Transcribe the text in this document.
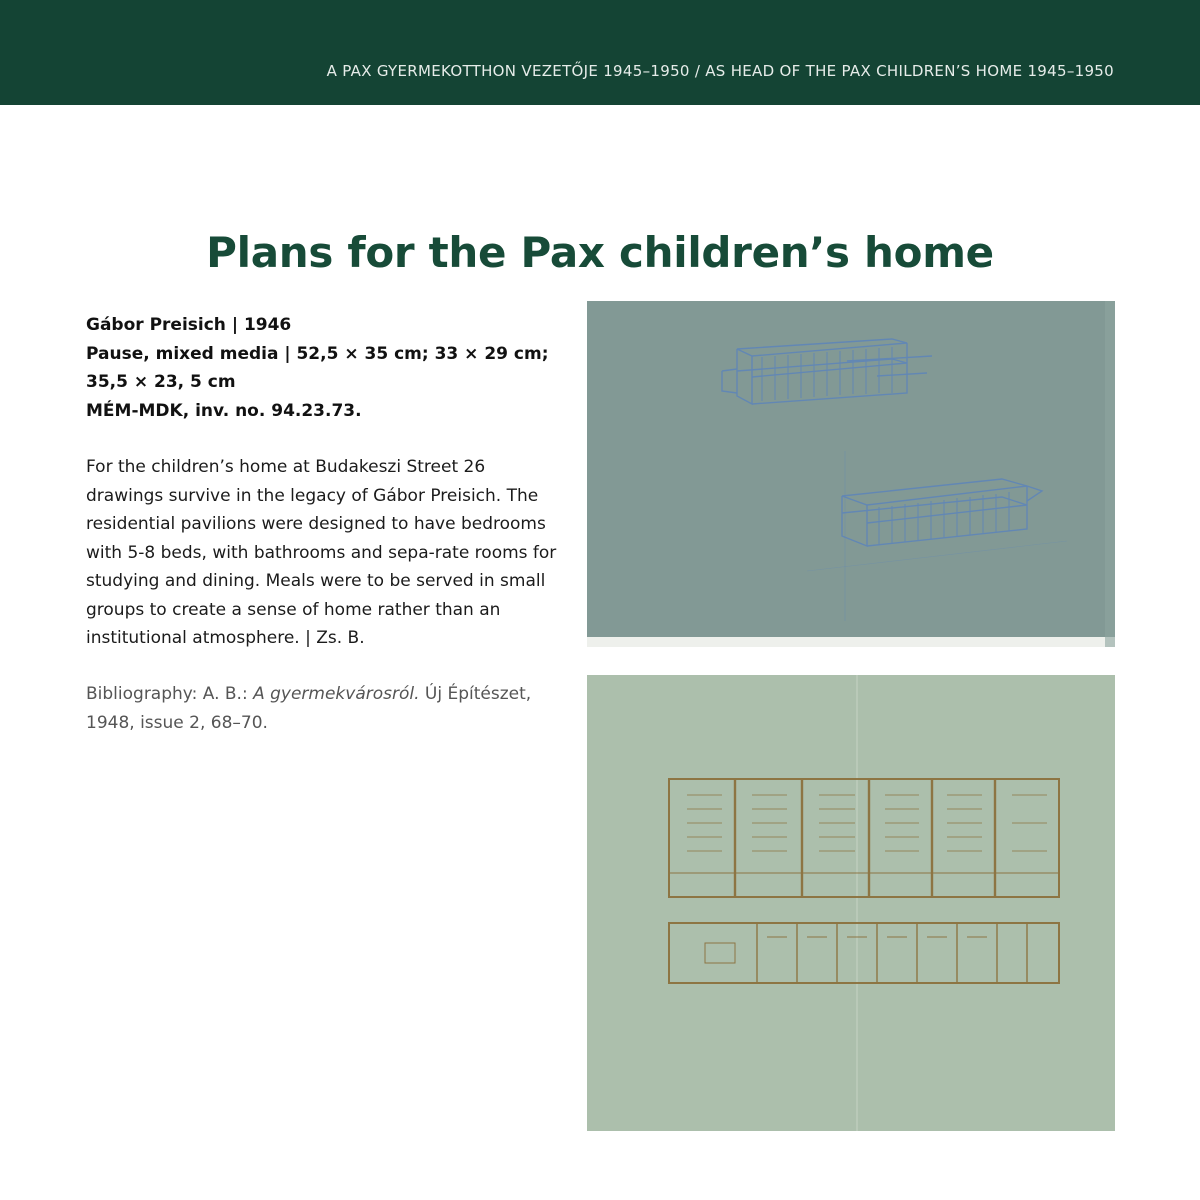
A PAX GYERMEKOTTHON VEZETŐJE 1945–1950 / AS HEAD OF THE PAX CHILDREN’S HOME 1945–1950
Plans for the Pax children’s home
Gábor Preisich | 1946
Pause, mixed media | 52,5 × 35 cm; 33 × 29 cm; 35,5 × 23, 5 cm
MÉM-MDK, inv. no. 94.23.73.

For the children’s home at Budakeszi Street 26 drawings survive in the legacy of Gábor Preisich. The residential pavilions were designed to have bedrooms with 5-8 beds, with bathrooms and sepa-rate rooms for studying and dining. Meals were to be served in small groups to create a sense of home rather than an institutional atmosphere. | Zs. B.

Bibliography: A. B.: A gyermekvárosról. Új Építészet, 1948, issue 2, 68–70.
